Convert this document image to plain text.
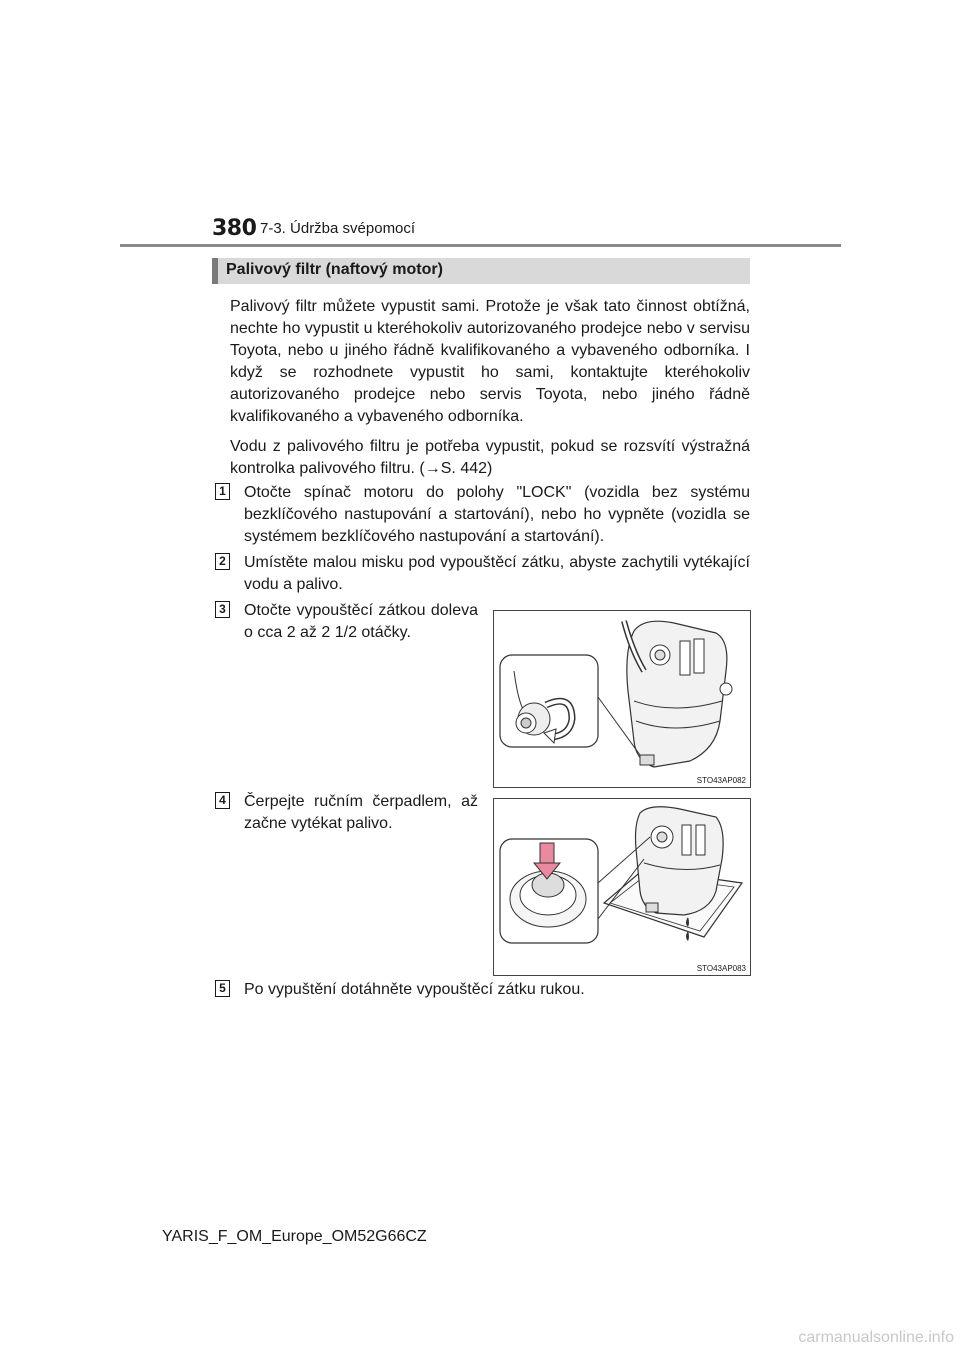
380 7-3. Údržba svépomocí
Palivový filtr (naftový motor)
Palivový filtr můžete vypustit sami. Protože je však tato činnost obtížná, nechte ho vypustit u kteréhokoliv autorizovaného prodejce nebo v servisu Toyota, nebo u jiného řádně kvalifikovaného a vybaveného odborníka. I když se rozhodnete vypustit ho sami, kontaktujte kteréhokoliv autorizovaného prodejce nebo servis Toyota, nebo jiného řádně kvalifikovaného a vybaveného odborníka.
Vodu z palivového filtru je potřeba vypustit, pokud se rozsvítí výstražná kontrolka palivového filtru. (→S. 442)
1 Otočte spínač motoru do polohy "LOCK" (vozidla bez systému bezklíčového nastupování a startování), nebo ho vypněte (vozidla se systémem bezklíčového nastupování a startování).
2 Umístěte malou misku pod vypouštěcí zátku, abyste zachytili vytékající vodu a palivo.
3 Otočte vypouštěcí zátkou doleva o cca 2 až 2 1/2 otáčky.
STO43AP082
4 Čerpejte ručním čerpadlem, až začne vytékat palivo.
STO43AP083
5 Po vypuštění dotáhněte vypouštěcí zátku rukou.
YARIS_F_OM_Europe_OM52G66CZ
carmanualsonline.info
